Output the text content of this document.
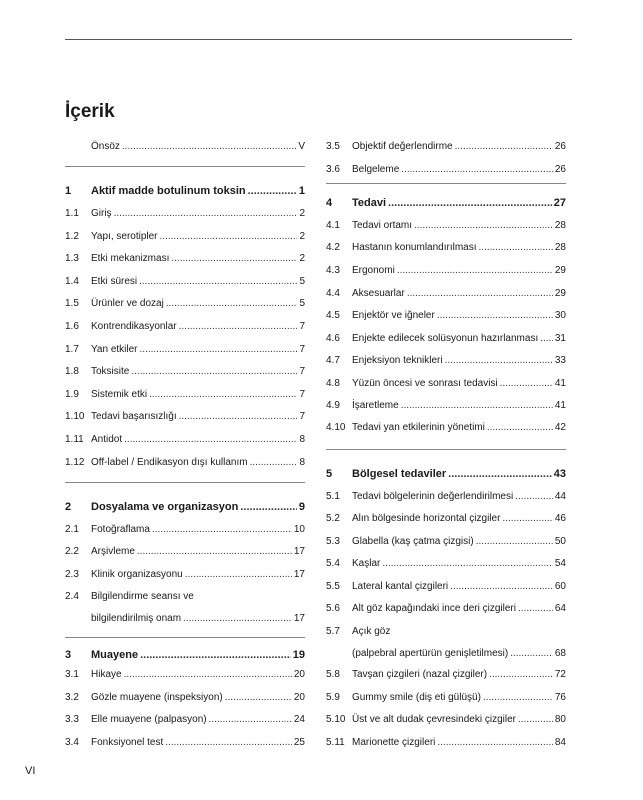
İçerik
Önsöz .....	V
1	Aktif madde botulinum toksin .....	1
1.1	Giriş .....	2
1.2	Yapı, serotipler .....	2
1.3	Etki mekanizması .....	2
1.4	Etki süresi .....	5
1.5	Ürünler ve dozaj .....	5
1.6	Kontrendikasyonlar .....	7
1.7	Yan etkiler .....	7
1.8	Toksisite .....	7
1.9	Sistemik etki .....	7
1.10 Tedavi başarısızlığı .....	7
1.11 Antidot .....	8
1.12 Off-label / Endikasyon dışı kullanım .....	8
2	Dosyalama ve organizasyon .....	9
2.1	Fotoğraflama .....	10
2.2	Arşivleme .....	17
2.3	Klinik organizasyonu .....	17
2.4	Bilgilendirme seansı ve
bilgilendirilmiş onam .....	17
3	Muayene .....	19
3.1	Hikaye .....	20
3.2	Gözle muayene (inspeksiyon) .....	20
3.3	Elle muayene (palpasyon) .....	24
3.4	Fonksiyonel test .....	25
3.5	Objektif değerlendirme .....	26
3.6	Belgeleme .....	26
4	Tedavi .....	27
4.1	Tedavi ortamı .....	28
4.2	Hastanın konumlandırılması .....	28
4.3	Ergonomi .....	29
4.4	Aksesuarlar .....	29
4.5	Enjektör ve iğneler .....	30
4.6	Enjekte edilecek solüsyonun hazırlanması ..... 31
4.7	Enjeksiyon teknikleri .....	33
4.8	Yüzün öncesi ve sonrası tedavisi .....	41
4.9	İşaretleme .....	41
4.10 Tedavi yan etkilerinin yönetimi .....	42
5	Bölgesel tedaviler .....	43
5.1	Tedavi bölgelerinin değerlendirilmesi .....	44
5.2	Alın bölgesinde horizontal çizgiler .....	46
5.3	Glabella (kaş çatma çizgisi) .....	50
5.4	Kaşlar .....	54
5.5	Lateral kantal çizgileri .....	60
5.6	Alt göz kapağındaki ince deri çizgileri .....	64
5.7	Açık göz
(palpebral apertürün genişletilmesi) .....	68
5.8	Tavşan çizgileri (nazal çizgiler) .....	72
5.9	Gummy smile (diş eti gülüşü) .....	76
5.10 Üst ve alt dudak çevresindeki çizgiler .....	80
5.11 Marionette çizgileri .....	84
VI
